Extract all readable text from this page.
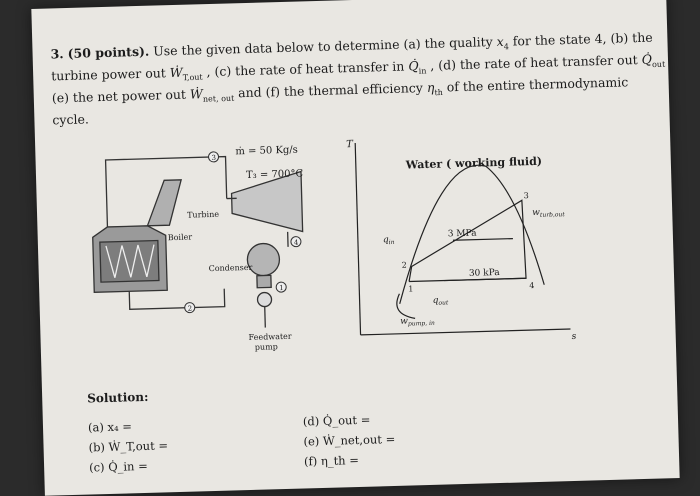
3. (50 points). Use the given data below to determine (a) the quality $x_4$ for the state 4, (b) the
turbine power out Ẇ$_{T,out}$ , (c) the rate of heat transfer in $Q̇_{in}$ , (d) the rate of heat transfer out $Q̇_{out}$
(e) the net power out Ẇ$_{net, out}$ and (f) the thermal efficiency $\eta_{th}$ of the entire thermodynamic
cycle.
3
4
1
2
ṁ = 50 Kg/s
T₃ = 700°C
Turbine
Boiler
Condenser
Feedwater
pump
T
s
Water ( working fluid)
3 MPa
30 kPa
$q_{in}$
$q_{out}$
$w_{turb,out}$
$w_{pump, in}$
1
2
3
4
Solution:
(a) x₄ =
(b) Ẇ_T,out =
(c) Q̇_in =
(d) Q̇_out =
(e) Ẇ_net,out =
(f) η_th =
